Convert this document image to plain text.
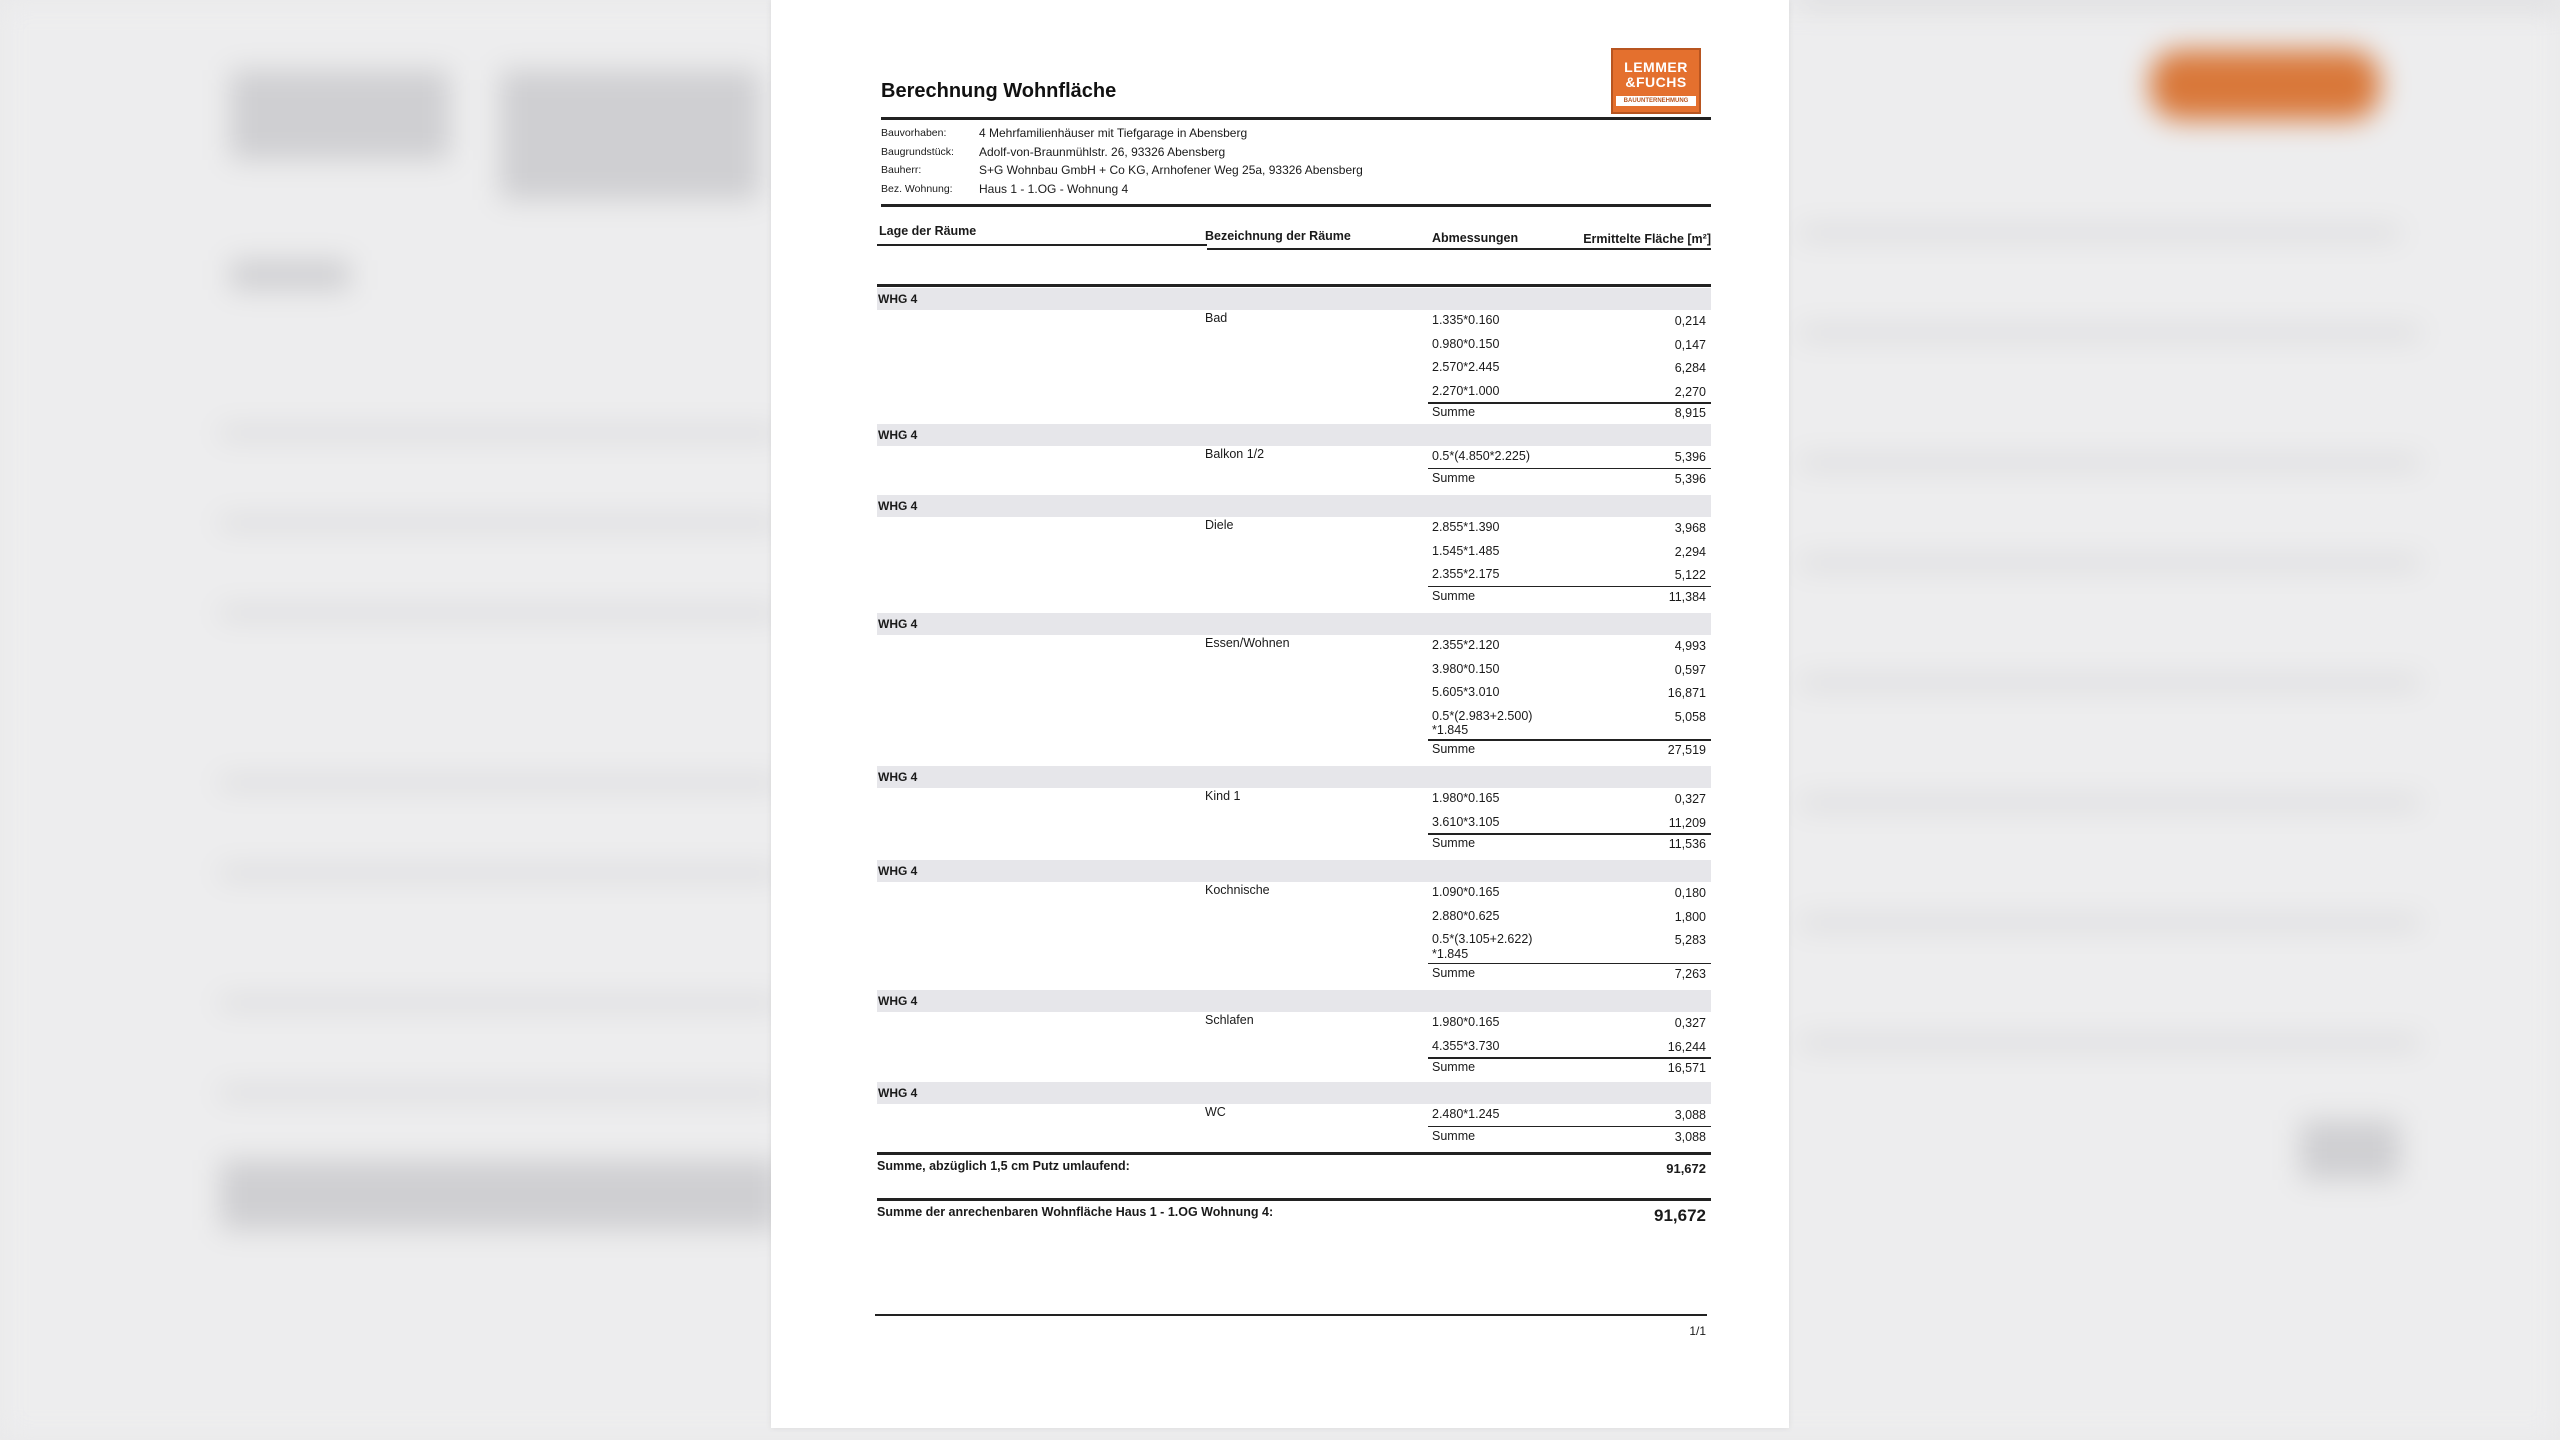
Berechnung Wohnfläche
LEMMER
&FUCHS
BAUUNTERNEHMUNG
Bauvorhaben:	4 Mehrfamilienhäuser mit Tiefgarage in Abensberg
Baugrundstück:	Adolf-von-Braunmühlstr. 26, 93326 Abensberg
Bauherr:	S+G Wohnbau GmbH + Co KG, Arnhofener Weg 25a, 93326 Abensberg
Bez. Wohnung:	Haus 1 - 1.OG - Wohnung 4
Lage der Räume	Bezeichnung der Räume	Abmessungen	Ermittelte Fläche [m²]
WHG 4
Bad	1.335*0.160	0,214
0.980*0.150	0,147
2.570*2.445	6,284
2.270*1.000	2,270
Summe	8,915
WHG 4
Balkon 1/2	0.5*(4.850*2.225)	5,396
Summe	5,396
WHG 4
Diele	2.855*1.390	3,968
1.545*1.485	2,294
2.355*2.175	5,122
Summe	11,384
WHG 4
Essen/Wohnen	2.355*2.120	4,993
3.980*0.150	0,597
5.605*3.010	16,871
0.5*(2.983+2.500)	5,058
*1.845
Summe	27,519
WHG 4
Kind 1	1.980*0.165	0,327
3.610*3.105	11,209
Summe	11,536
WHG 4
Kochnische	1.090*0.165	0,180
2.880*0.625	1,800
0.5*(3.105+2.622)	5,283
*1.845
Summe	7,263
WHG 4
Schlafen	1.980*0.165	0,327
4.355*3.730	16,244
Summe	16,571
WHG 4
WC	2.480*1.245	3,088
Summe	3,088
Summe, abzüglich 1,5 cm Putz umlaufend:	91,672
Summe der anrechenbaren Wohnfläche Haus 1 - 1.OG Wohnung 4:	91,672
1/1
